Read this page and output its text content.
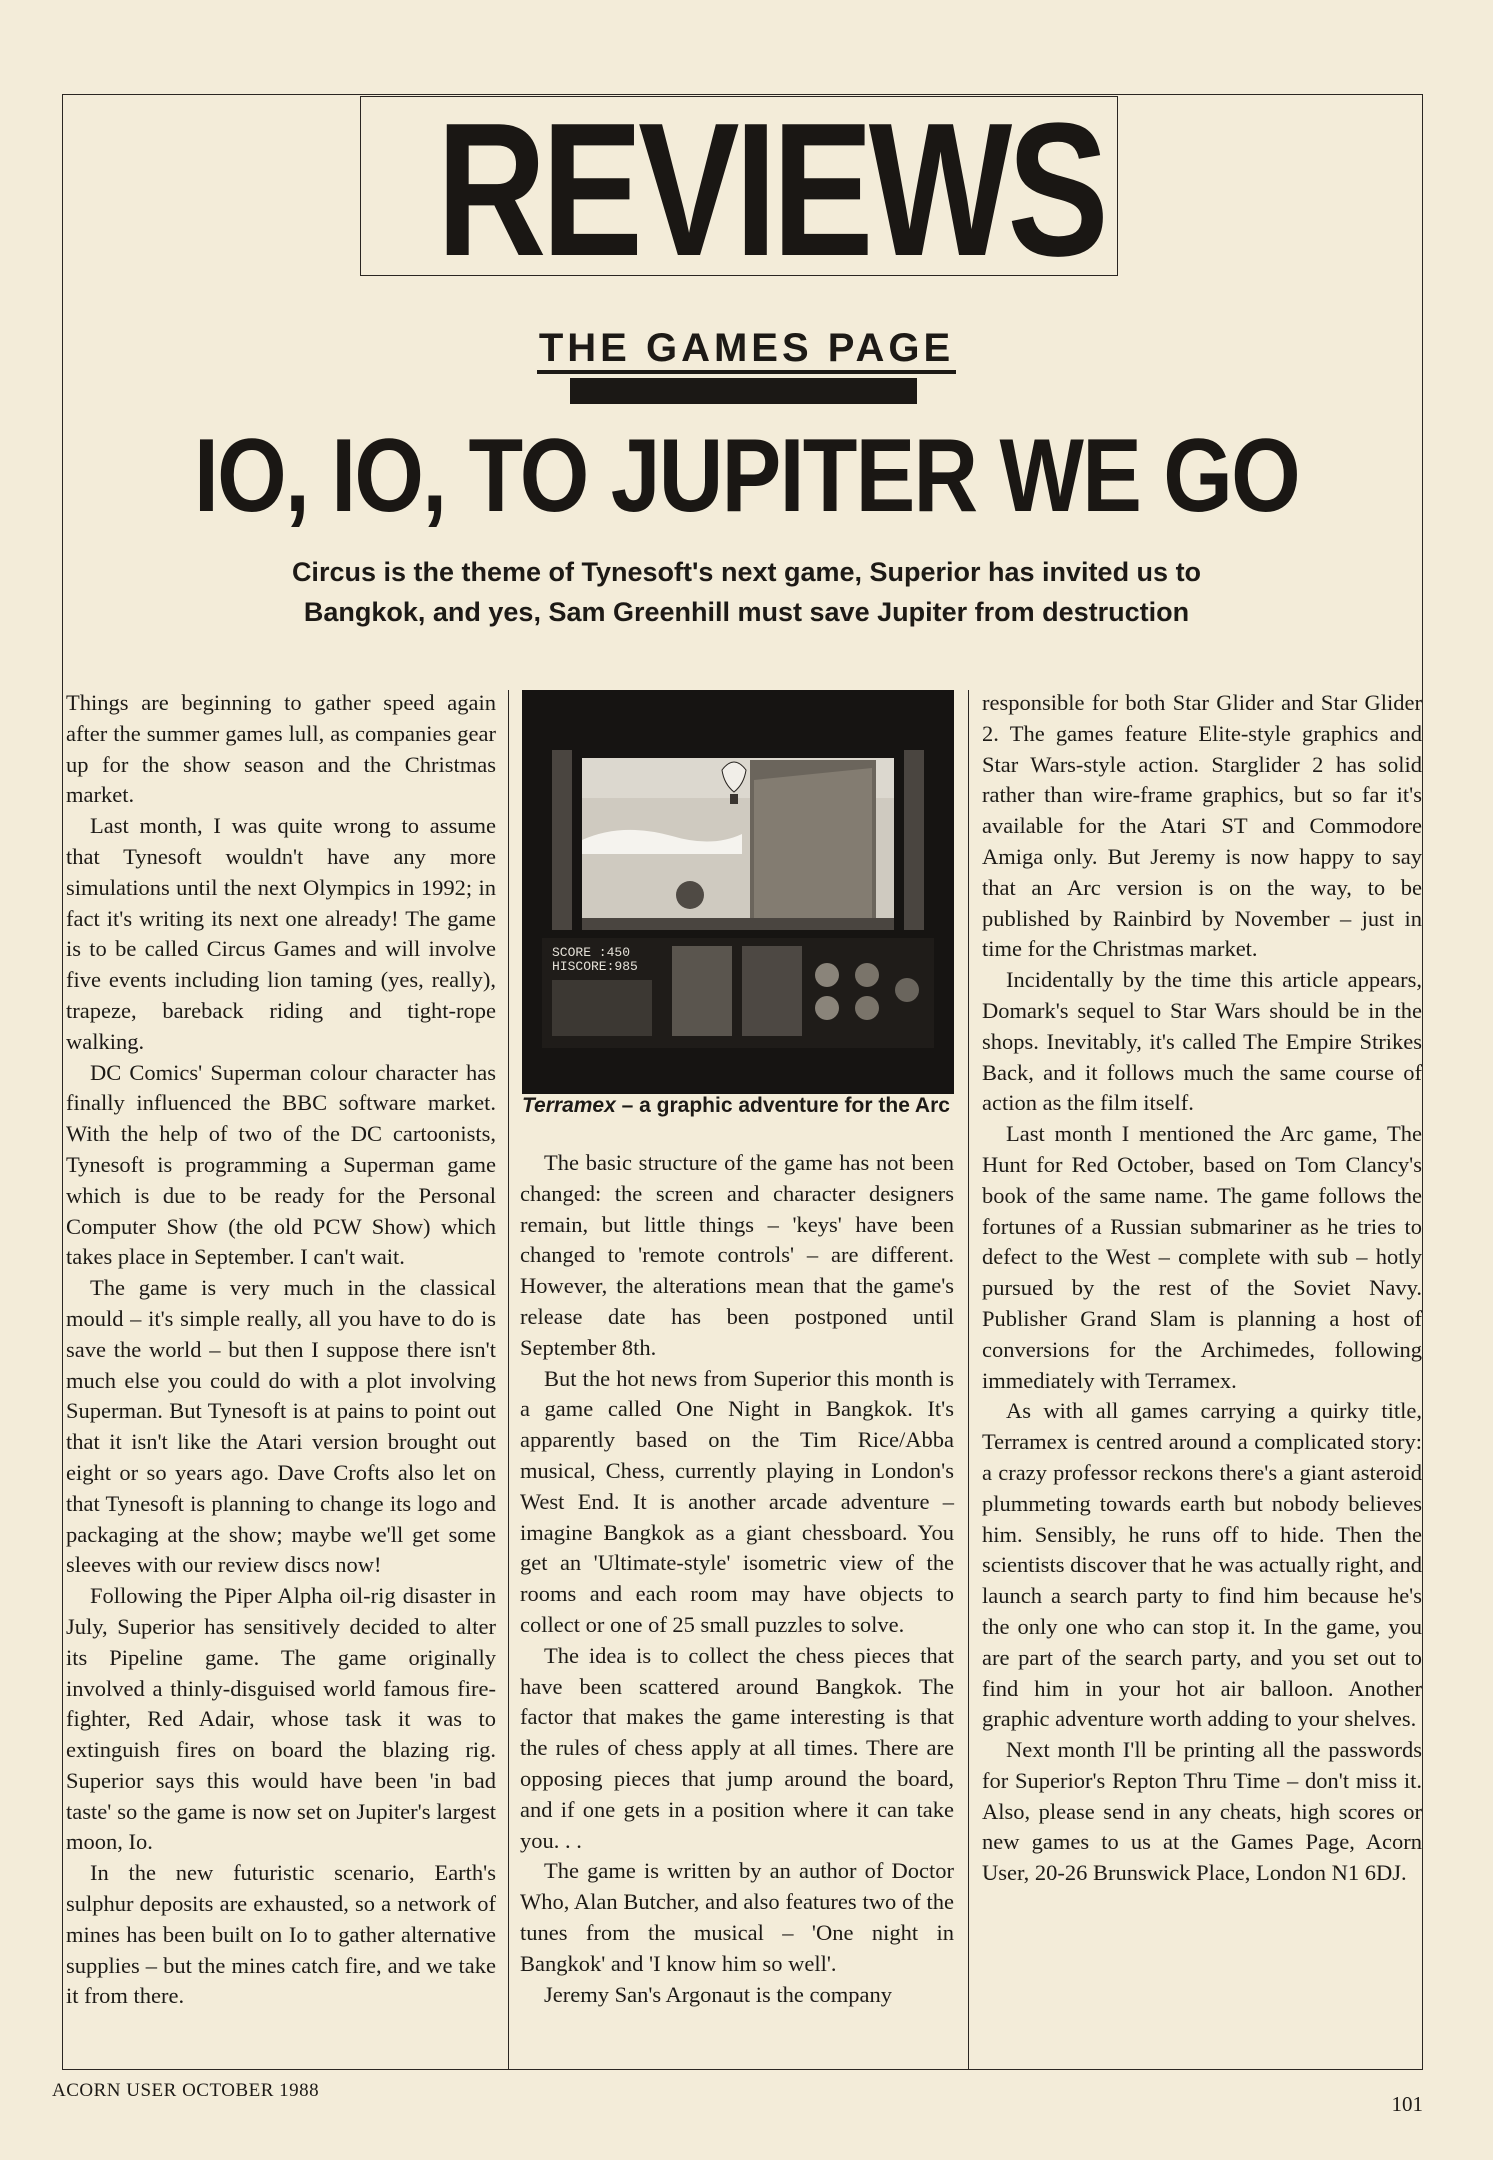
REVIEWS
THE GAMES PAGE
IO, IO, TO JUPITER WE GO
Circus is the theme of Tynesoft's next game, Superior has invited us to Bangkok, and yes, Sam Greenhill must save Jupiter from destruction

Things are beginning to gather speed again after the summer games lull, as companies gear up for the show season and the Christmas market.

Last month, I was quite wrong to assume that Tynesoft wouldn't have any more simulations until the next Olympics in 1992; in fact it's writing its next one already! The game is to be called Circus Games and will involve five events including lion taming (yes, really), trapeze, bareback riding and tight-rope walking.

DC Comics' Superman colour character has finally influenced the BBC software market. With the help of two of the DC cartoonists, Tynesoft is programming a Superman game which is due to be ready for the Personal Computer Show (the old PCW Show) which takes place in September. I can't wait.

The game is very much in the classical mould – it's simple really, all you have to do is save the world – but then I suppose there isn't much else you could do with a plot involving Superman. But Tynesoft is at pains to point out that it isn't like the Atari version brought out eight or so years ago. Dave Crofts also let on that Tynesoft is planning to change its logo and packaging at the show; maybe we'll get some sleeves with our review discs now!

Following the Piper Alpha oil-rig disaster in July, Superior has sensitively decided to alter its Pipeline game. The game originally involved a thinly-disguised world famous fire-fighter, Red Adair, whose task it was to extinguish fires on board the blazing rig. Superior says this would have been 'in bad taste' so the game is now set on Jupiter's largest moon, Io.

In the new futuristic scenario, Earth's sulphur deposits are exhausted, so a network of mines has been built on Io to gather alternative supplies – but the mines catch fire, and we take it from there.

SCORE :450
HISCORE:985
Terramex – a graphic adventure for the Arc

The basic structure of the game has not been changed: the screen and character designers remain, but little things – 'keys' have been changed to 'remote controls' – are different. However, the alterations mean that the game's release date has been postponed until September 8th.

But the hot news from Superior this month is a game called One Night in Bangkok. It's apparently based on the Tim Rice/Abba musical, Chess, currently playing in London's West End. It is another arcade adventure – imagine Bangkok as a giant chessboard. You get an 'Ultimate-style' isometric view of the rooms and each room may have objects to collect or one of 25 small puzzles to solve.

The idea is to collect the chess pieces that have been scattered around Bangkok. The factor that makes the game interesting is that the rules of chess apply at all times. There are opposing pieces that jump around the board, and if one gets in a position where it can take you. . .

The game is written by an author of Doctor Who, Alan Butcher, and also features two of the tunes from the musical – 'One night in Bangkok' and 'I know him so well'.

Jeremy San's Argonaut is the company

responsible for both Star Glider and Star Glider 2. The games feature Elite-style graphics and Star Wars-style action. Starglider 2 has solid rather than wire-frame graphics, but so far it's available for the Atari ST and Commodore Amiga only. But Jeremy is now happy to say that an Arc version is on the way, to be published by Rainbird by November – just in time for the Christmas market.

Incidentally by the time this article appears, Domark's sequel to Star Wars should be in the shops. Inevitably, it's called The Empire Strikes Back, and it follows much the same course of action as the film itself.

Last month I mentioned the Arc game, The Hunt for Red October, based on Tom Clancy's book of the same name. The game follows the fortunes of a Russian submariner as he tries to defect to the West – complete with sub – hotly pursued by the rest of the Soviet Navy. Publisher Grand Slam is planning a host of conversions for the Archimedes, following immediately with Terramex.

As with all games carrying a quirky title, Terramex is centred around a complicated story: a crazy professor reckons there's a giant asteroid plummeting towards earth but nobody believes him. Sensibly, he runs off to hide. Then the scientists discover that he was actually right, and launch a search party to find him because he's the only one who can stop it. In the game, you are part of the search party, and you set out to find him in your hot air balloon. Another graphic adventure worth adding to your shelves.

Next month I'll be printing all the passwords for Superior's Repton Thru Time – don't miss it. Also, please send in any cheats, high scores or new games to us at the Games Page, Acorn User, 20-26 Brunswick Place, London N1 6DJ.

ACORN USER OCTOBER 1988
101
